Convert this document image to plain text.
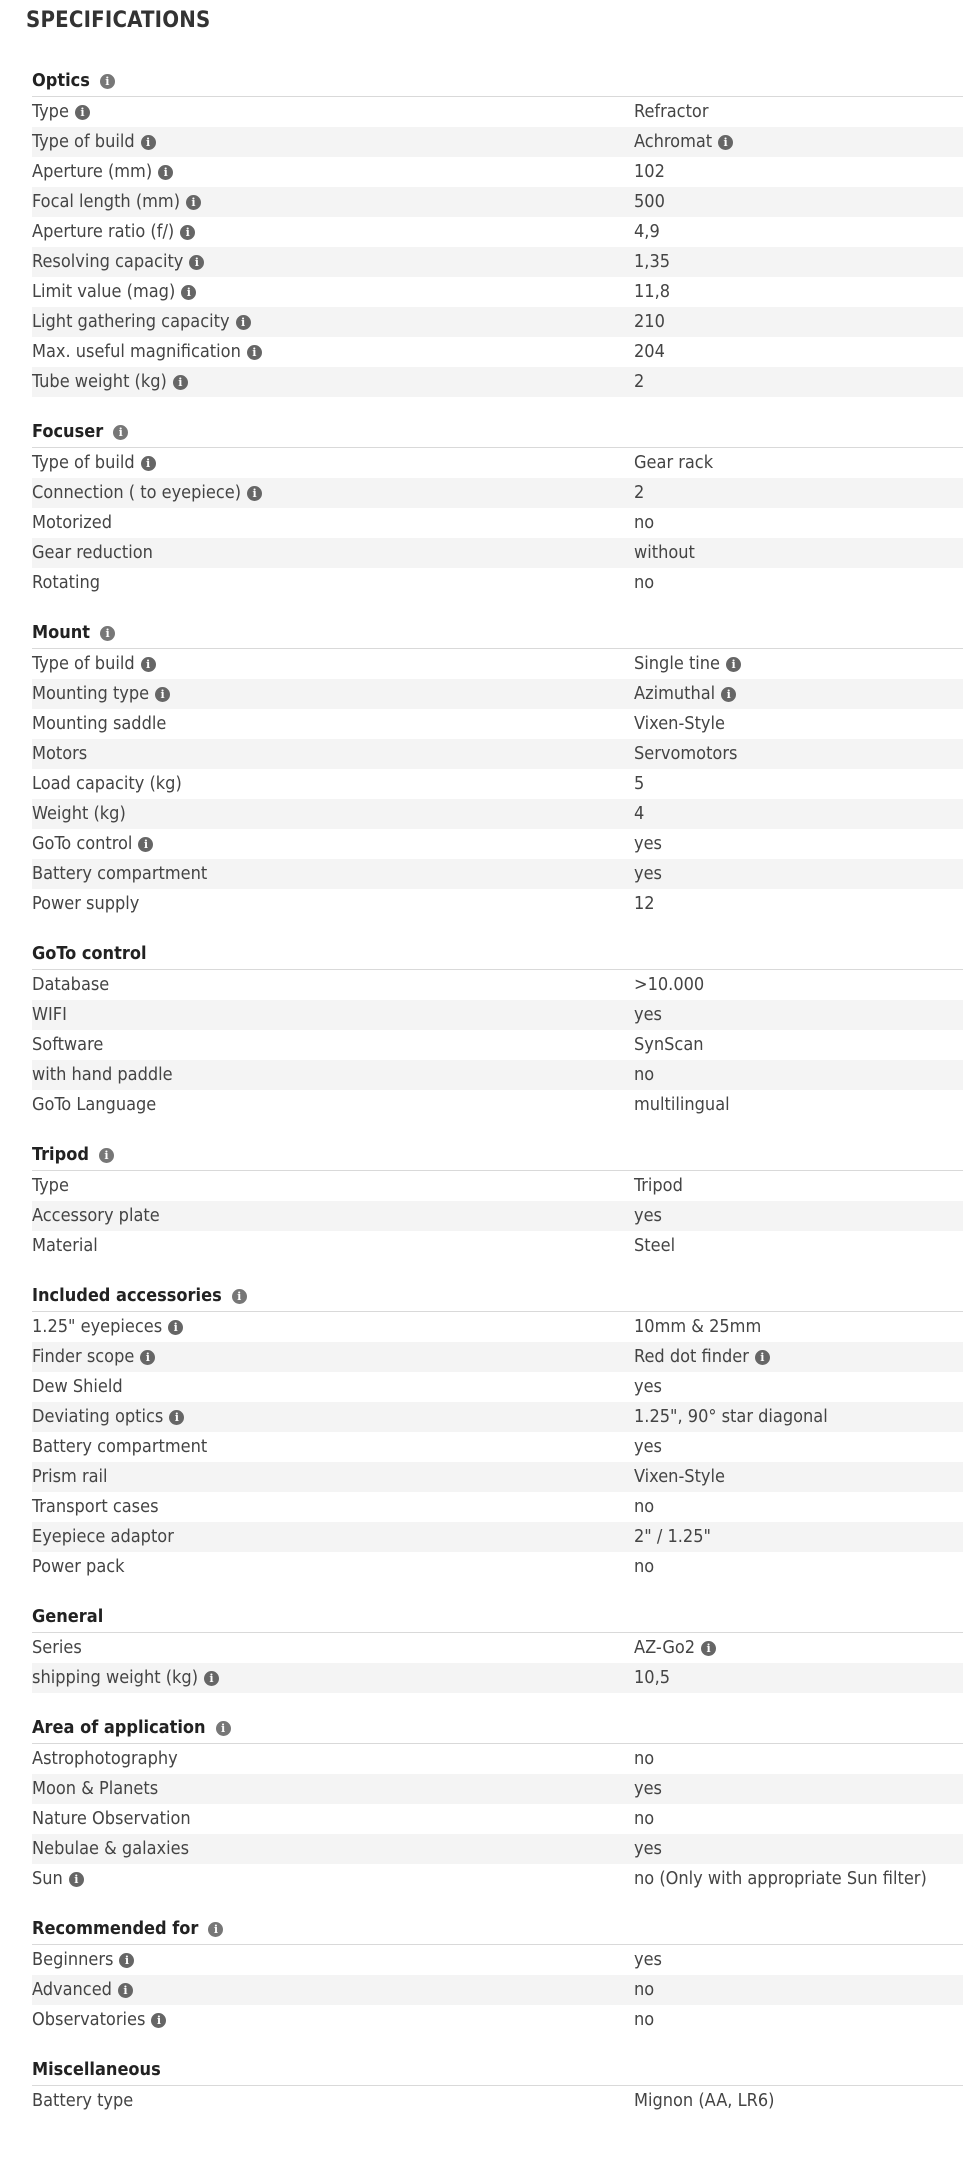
SPECIFICATIONS
Optics	i
Type	i	Refractor
Type of build	i	Achromat	i
Aperture (mm)	i	102
Focal length (mm)	i	500
Aperture ratio (f/)	i	4,9
Resolving capacity	i	1,35
Limit value (mag)	i	11,8
Light gathering capacity	i	210
Max. useful magnification	i	204
Tube weight (kg)	i	2
Focuser	i
Type of build	i	Gear rack
Connection ( to eyepiece)	i	2
Motorized	no
Gear reduction	without
Rotating	no
Mount	i
Type of build	i	Single tine	i
Mounting type	i	Azimuthal	i
Mounting saddle	Vixen-Style
Motors	Servomotors
Load capacity (kg)	5
Weight (kg)	4
GoTo control	i	yes
Battery compartment	yes
Power supply	12
GoTo control
Database	>10.000
WIFI	yes
Software	SynScan
with hand paddle	no
GoTo Language	multilingual
Tripod	i
Type	Tripod
Accessory plate	yes
Material	Steel
Included accessories	i
1.25" eyepieces	i	10mm & 25mm
Finder scope	i	Red dot finder	i
Dew Shield	yes
Deviating optics	i	1.25", 90° star diagonal
Battery compartment	yes
Prism rail	Vixen-Style
Transport cases	no
Eyepiece adaptor	2" / 1.25"
Power pack	no
General
Series	AZ-Go2	i
shipping weight (kg)	i	10,5
Area of application	i
Astrophotography	no
Moon & Planets	yes
Nature Observation	no
Nebulae & galaxies	yes
Sun	i	no (Only with appropriate Sun filter)
Recommended for	i
Beginners	i	yes
Advanced	i	no
Observatories	i	no
Miscellaneous
Battery type	Mignon (AA, LR6)
